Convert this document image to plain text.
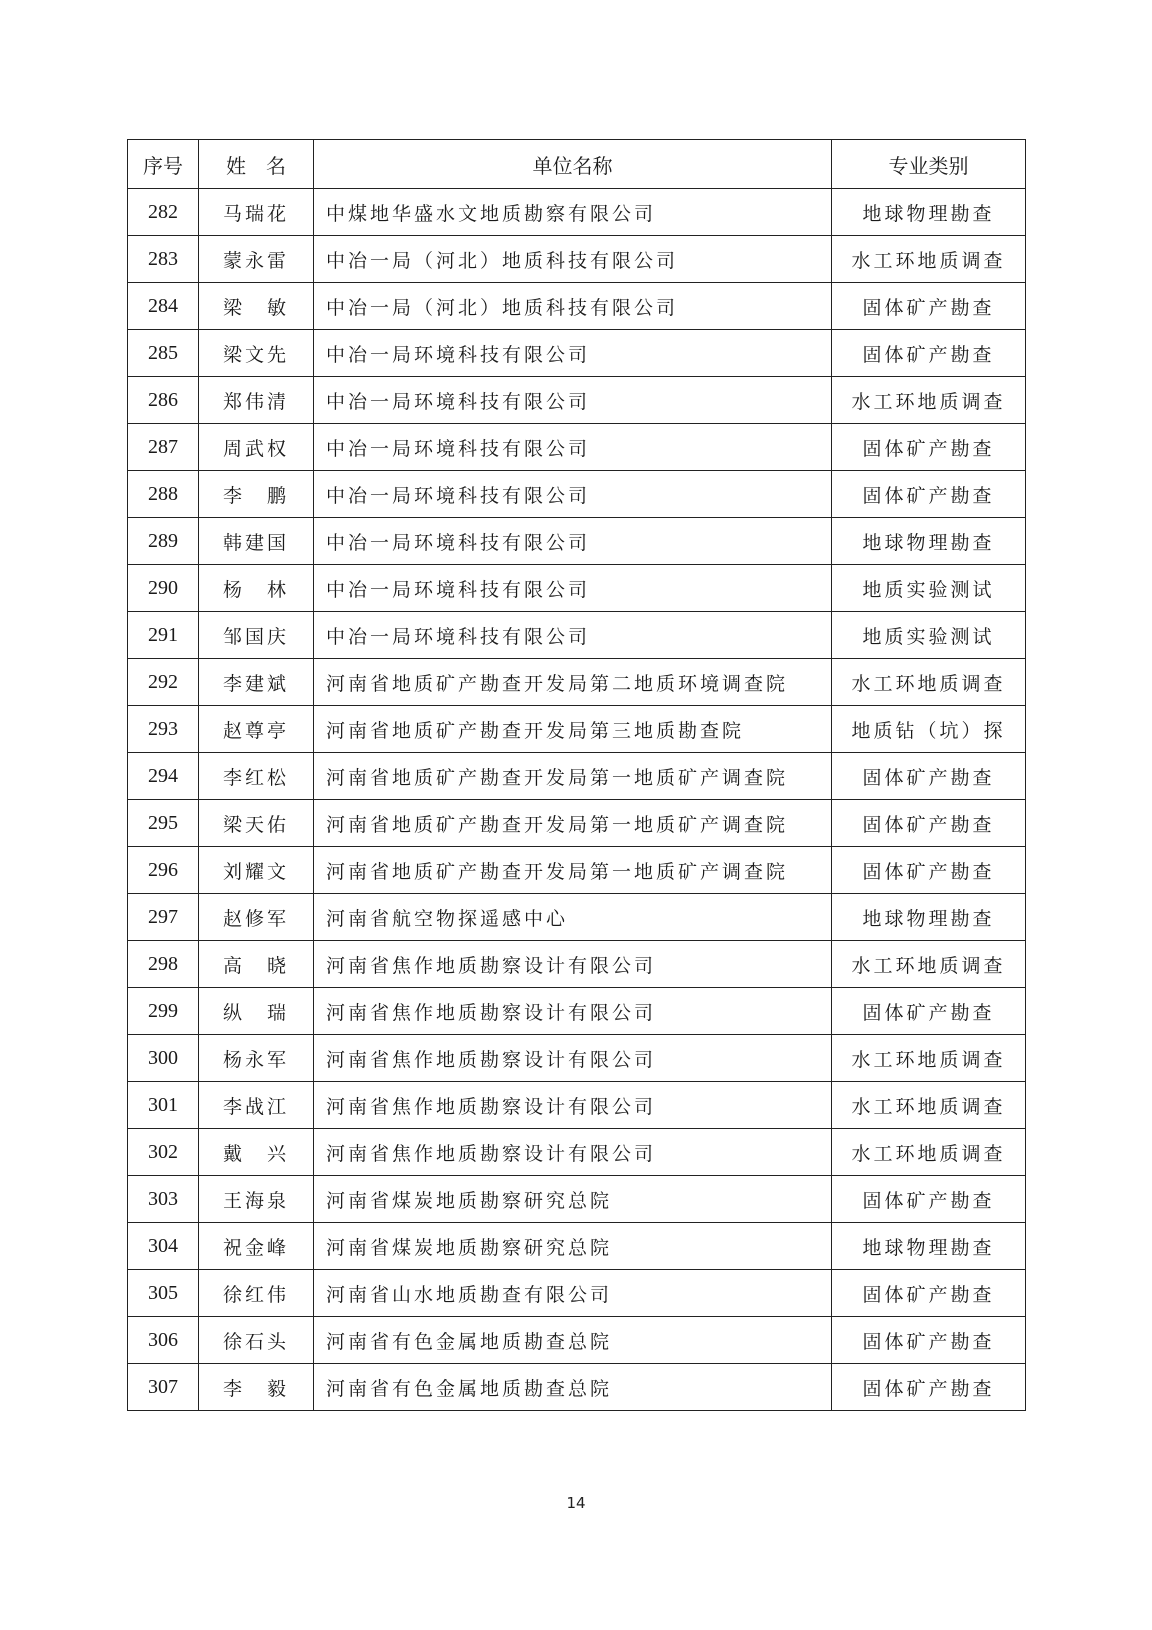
序号	姓　名	单位名称	专业类别
282	马瑞花	中煤地华盛水文地质勘察有限公司	地球物理勘查
283	蒙永雷	中冶一局（河北）地质科技有限公司	水工环地质调查
284	梁　敏	中冶一局（河北）地质科技有限公司	固体矿产勘查
285	梁文先	中冶一局环境科技有限公司	固体矿产勘查
286	郑伟清	中冶一局环境科技有限公司	水工环地质调查
287	周武权	中冶一局环境科技有限公司	固体矿产勘查
288	李　鹏	中冶一局环境科技有限公司	固体矿产勘查
289	韩建国	中冶一局环境科技有限公司	地球物理勘查
290	杨　林	中冶一局环境科技有限公司	地质实验测试
291	邹国庆	中冶一局环境科技有限公司	地质实验测试
292	李建斌	河南省地质矿产勘查开发局第二地质环境调查院	水工环地质调查
293	赵尊亭	河南省地质矿产勘查开发局第三地质勘查院	地质钻（坑）探
294	李红松	河南省地质矿产勘查开发局第一地质矿产调查院	固体矿产勘查
295	梁天佑	河南省地质矿产勘查开发局第一地质矿产调查院	固体矿产勘查
296	刘耀文	河南省地质矿产勘查开发局第一地质矿产调查院	固体矿产勘查
297	赵修军	河南省航空物探遥感中心	地球物理勘查
298	高　晓	河南省焦作地质勘察设计有限公司	水工环地质调查
299	纵　瑞	河南省焦作地质勘察设计有限公司	固体矿产勘查
300	杨永军	河南省焦作地质勘察设计有限公司	水工环地质调查
301	李战江	河南省焦作地质勘察设计有限公司	水工环地质调查
302	戴　兴	河南省焦作地质勘察设计有限公司	水工环地质调查
303	王海泉	河南省煤炭地质勘察研究总院	固体矿产勘查
304	祝金峰	河南省煤炭地质勘察研究总院	地球物理勘查
305	徐红伟	河南省山水地质勘查有限公司	固体矿产勘查
306	徐石头	河南省有色金属地质勘查总院	固体矿产勘查
307	李　毅	河南省有色金属地质勘查总院	固体矿产勘查
14
